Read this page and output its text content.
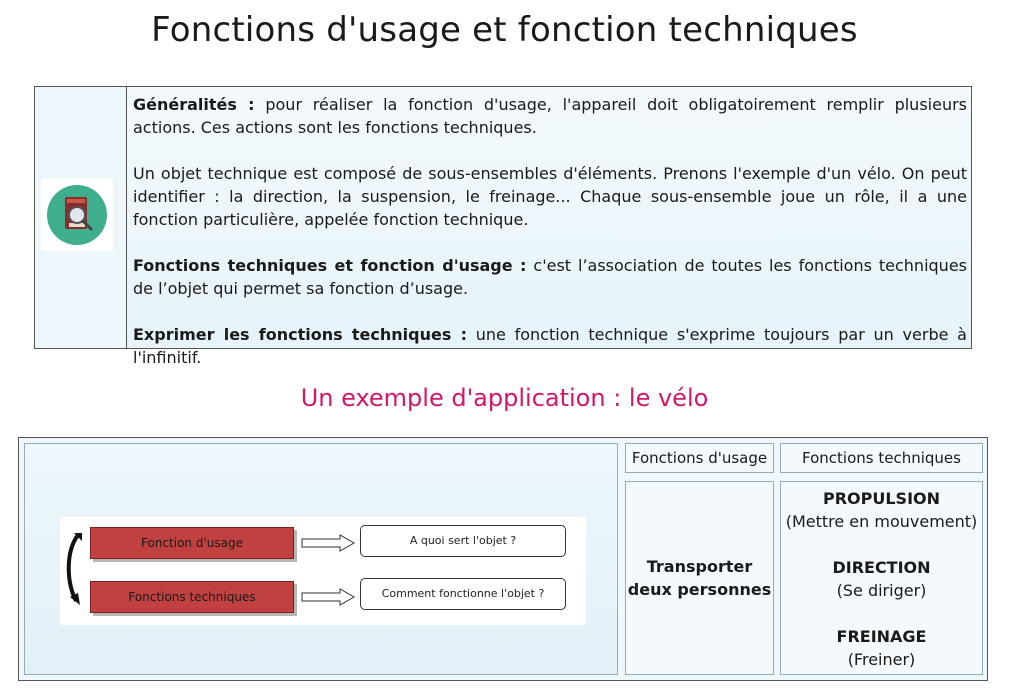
Fonctions d'usage et fonction techniques

Généralités : pour réaliser la fonction d'usage, l'appareil doit obligatoirement remplir plusieurs actions. Ces actions sont les fonctions techniques.

Un objet technique est composé de sous-ensembles d'éléments. Prenons l'exemple d'un vélo. On peut identifier : la direction, la suspension, le freinage... Chaque sous-ensemble joue un rôle, il a une fonction particulière, appelée fonction technique.

Fonctions techniques et fonction d'usage : c'est l’association de toutes les fonctions techniques de l’objet qui permet sa fonction d’usage.

Exprimer les fonctions techniques : une fonction technique s'exprime toujours par un verbe à l'infinitif.

Un exemple d'application : le vélo
Fonction d'usage
Fonctions techniques
A quoi sert l'objet ?
Comment fonctionne l'objet ?
Fonctions d'usage	Fonctions techniques
Transporter
deux personnes
PROPULSION
(Mettre en mouvement)
DIRECTION
(Se diriger)
FREINAGE
(Freiner)
